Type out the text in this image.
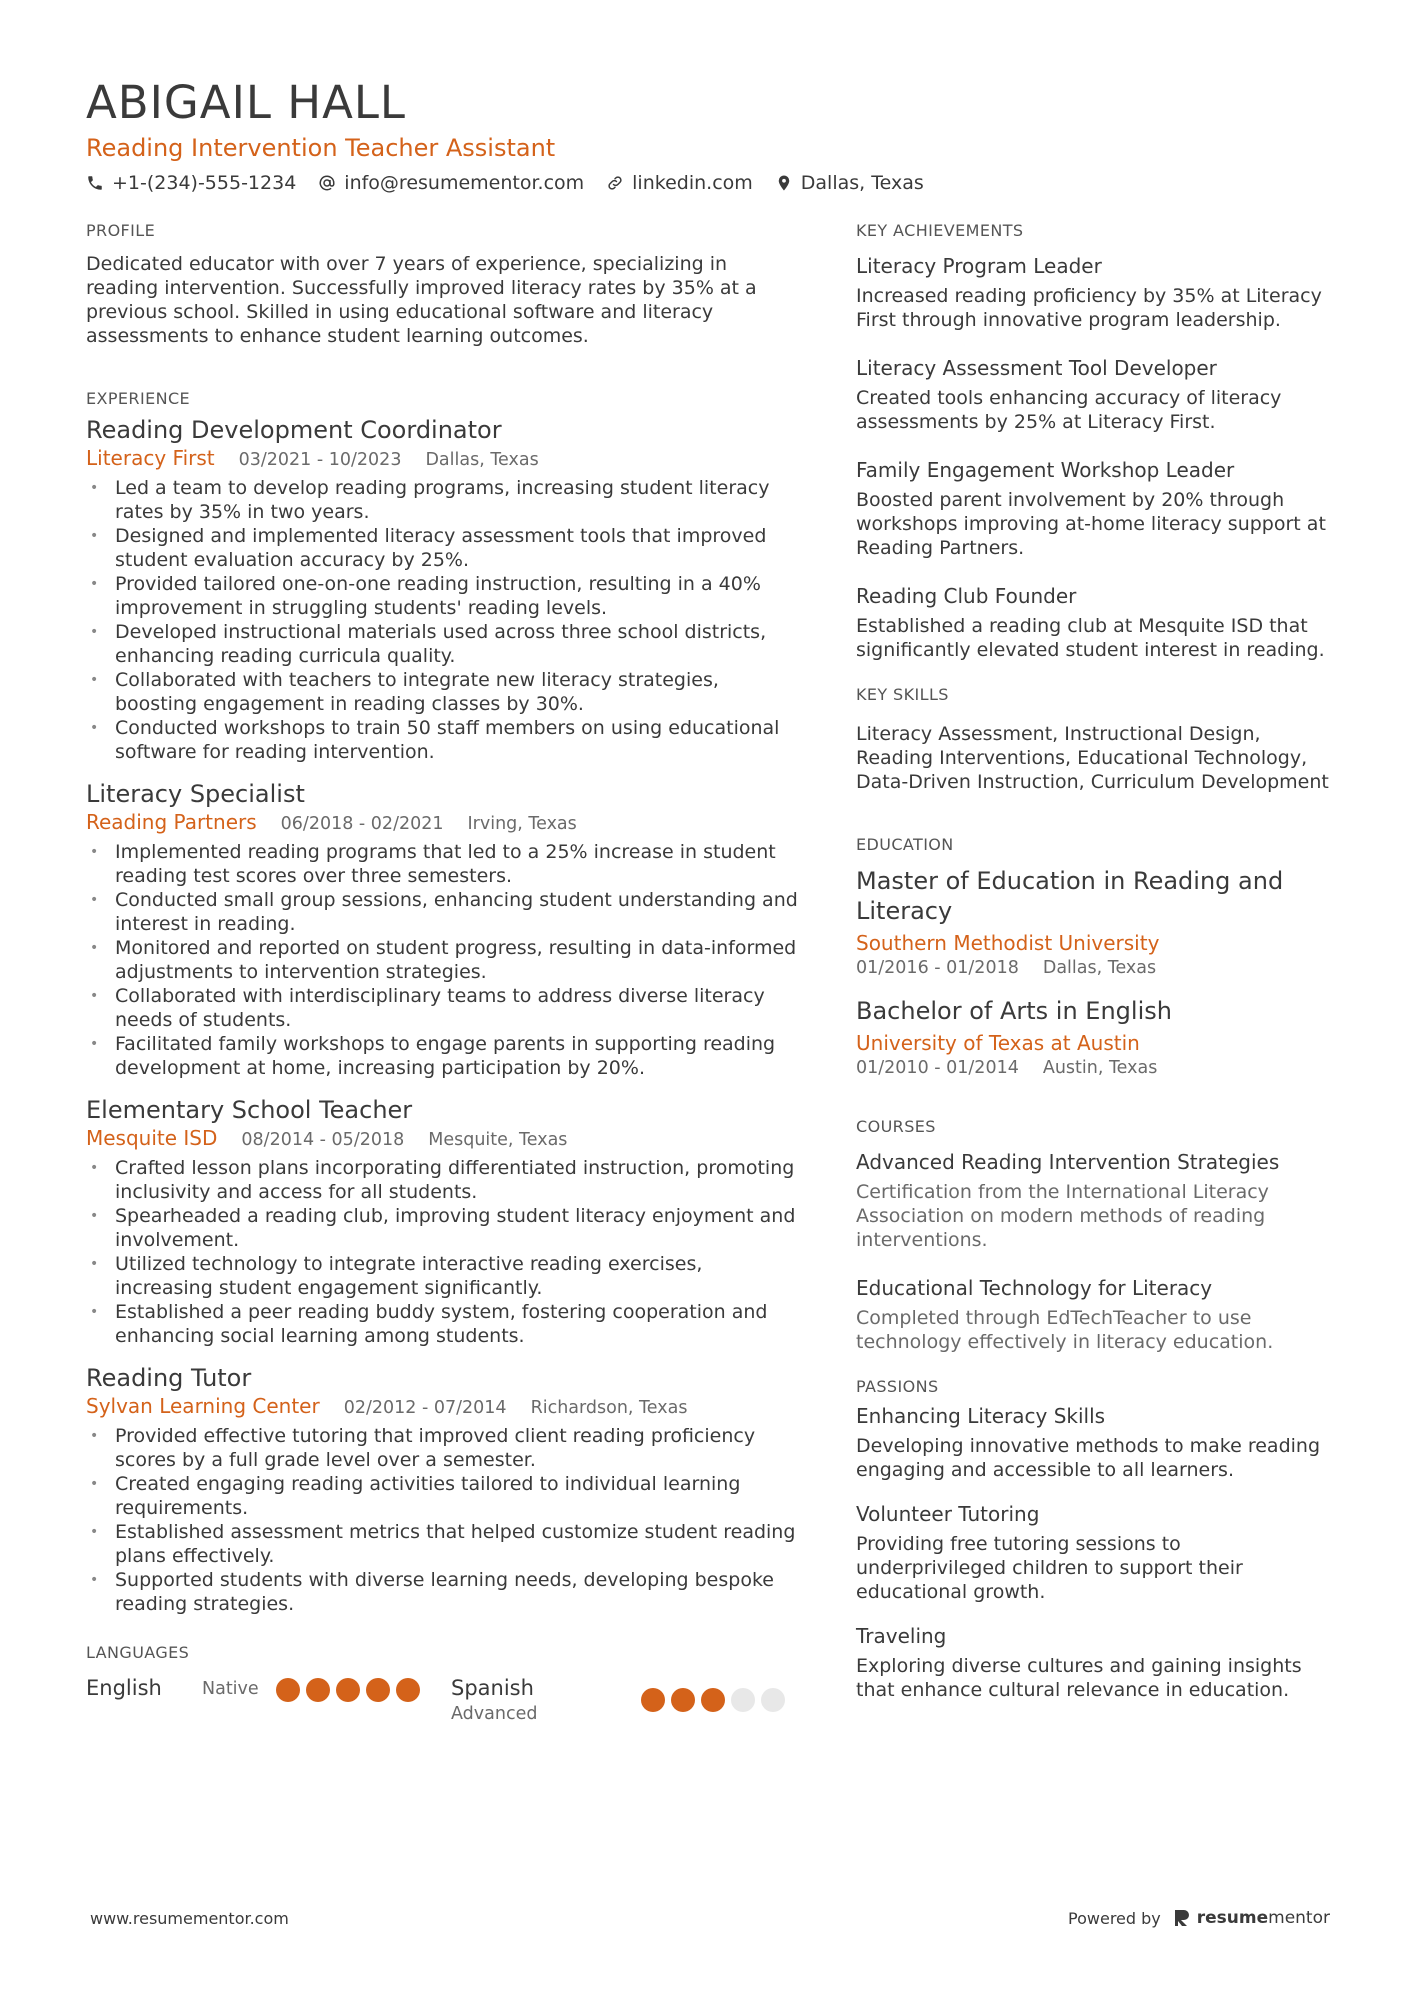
ABIGAIL HALL
Reading Intervention Teacher Assistant
+1-(234)-555-1234	info@resumementor.com	linkedin.com	Dallas, Texas
PROFILE

Dedicated educator with over 7 years of experience, specializing in reading intervention. Successfully improved literacy rates by 35% at a previous school. Skilled in using educational software and literacy assessments to enhance student learning outcomes.

EXPERIENCE
Reading Development Coordinator
Literacy First 03/2021 - 10/2023 Dallas, Texas
• Led a team to develop reading programs, increasing student literacy rates by 35% in two years.
• Designed and implemented literacy assessment tools that improved student evaluation accuracy by 25%.
• Provided tailored one-on-one reading instruction, resulting in a 40% improvement in struggling students' reading levels.
• Developed instructional materials used across three school districts, enhancing reading curricula quality.
• Collaborated with teachers to integrate new literacy strategies, boosting engagement in reading classes by 30%.
• Conducted workshops to train 50 staff members on using educational software for reading intervention.
Literacy Specialist
Reading Partners 06/2018 - 02/2021 Irving, Texas
• Implemented reading programs that led to a 25% increase in student reading test scores over three semesters.
• Conducted small group sessions, enhancing student understanding and interest in reading.
• Monitored and reported on student progress, resulting in data-informed adjustments to intervention strategies.
• Collaborated with interdisciplinary teams to address diverse literacy needs of students.
• Facilitated family workshops to engage parents in supporting reading development at home, increasing participation by 20%.
Elementary School Teacher
Mesquite ISD 08/2014 - 05/2018 Mesquite, Texas
• Crafted lesson plans incorporating differentiated instruction, promoting inclusivity and access for all students.
• Spearheaded a reading club, improving student literacy enjoyment and involvement.
• Utilized technology to integrate interactive reading exercises, increasing student engagement significantly.
• Established a peer reading buddy system, fostering cooperation and enhancing social learning among students.
Reading Tutor
Sylvan Learning Center 02/2012 - 07/2014 Richardson, Texas
• Provided effective tutoring that improved client reading proficiency scores by a full grade level over a semester.
• Created engaging reading activities tailored to individual learning requirements.
• Established assessment metrics that helped customize student reading plans effectively.
• Supported students with diverse learning needs, developing bespoke reading strategies.
LANGUAGES
English	Native	Spanish
Advanced
KEY ACHIEVEMENTS
Literacy Program Leader
Increased reading proficiency by 35% at Literacy First through innovative program leadership.
Literacy Assessment Tool Developer
Created tools enhancing accuracy of literacy assessments by 25% at Literacy First.
Family Engagement Workshop Leader
Boosted parent involvement by 20% through workshops improving at-home literacy support at Reading Partners.
Reading Club Founder
Established a reading club at Mesquite ISD that significantly elevated student interest in reading.
KEY SKILLS
Literacy Assessment, Instructional Design, Reading Interventions, Educational Technology, Data-Driven Instruction, Curriculum Development
EDUCATION
Master of Education in Reading and Literacy
Southern Methodist University
01/2016 - 01/2018 Dallas, Texas
Bachelor of Arts in English
University of Texas at Austin
01/2010 - 01/2014 Austin, Texas
COURSES
Advanced Reading Intervention Strategies
Certification from the International Literacy Association on modern methods of reading interventions.
Educational Technology for Literacy
Completed through EdTechTeacher to use technology effectively in literacy education.
PASSIONS
Enhancing Literacy Skills
Developing innovative methods to make reading engaging and accessible to all learners.
Volunteer Tutoring
Providing free tutoring sessions to underprivileged children to support their educational growth.
Traveling
Exploring diverse cultures and gaining insights that enhance cultural relevance in education.
www.resumementor.com	Powered by resumementor
